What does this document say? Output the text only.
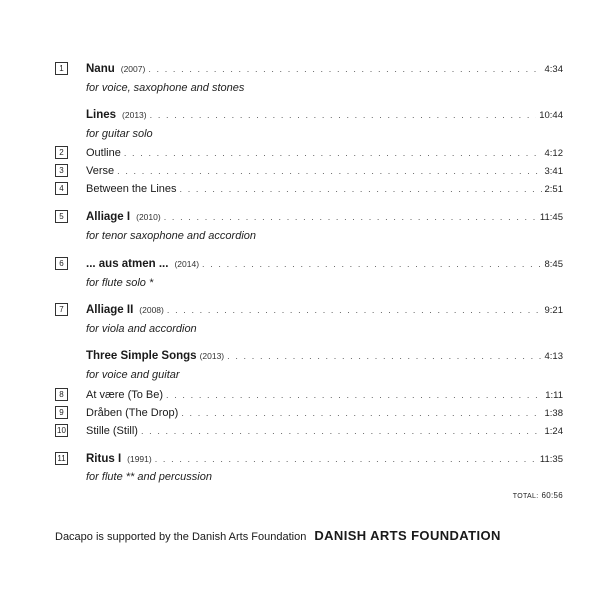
1	Nanu (2007) . . .	4:34
for voice, saxophone and stones
Lines (2013) . . .	10:44
for guitar solo
2	Outline . . .	4:12
3	Verse . . .	3:41
4	Between the Lines . . .	2:51
5	Alliage I (2010) . . .	11:45
for tenor saxophone and accordion
6	... aus atmen ... (2014) . . .	8:45
for flute solo *
7	Alliage II (2008) . . .	9:21
for viola and accordion
Three Simple Songs (2013) . . .	4:13
for voice and guitar
8	At være (To Be) . . .	1:11
9	Dråben (The Drop) . . .	1:38
10 Stille (Still) . . .	1:24
11 Ritus I (1991) . . .	11:35
for flute ** and percussion
TOTAL: 60:56
Dacapo is supported by the Danish Arts Foundation DANISH ARTS FOUNDATION
